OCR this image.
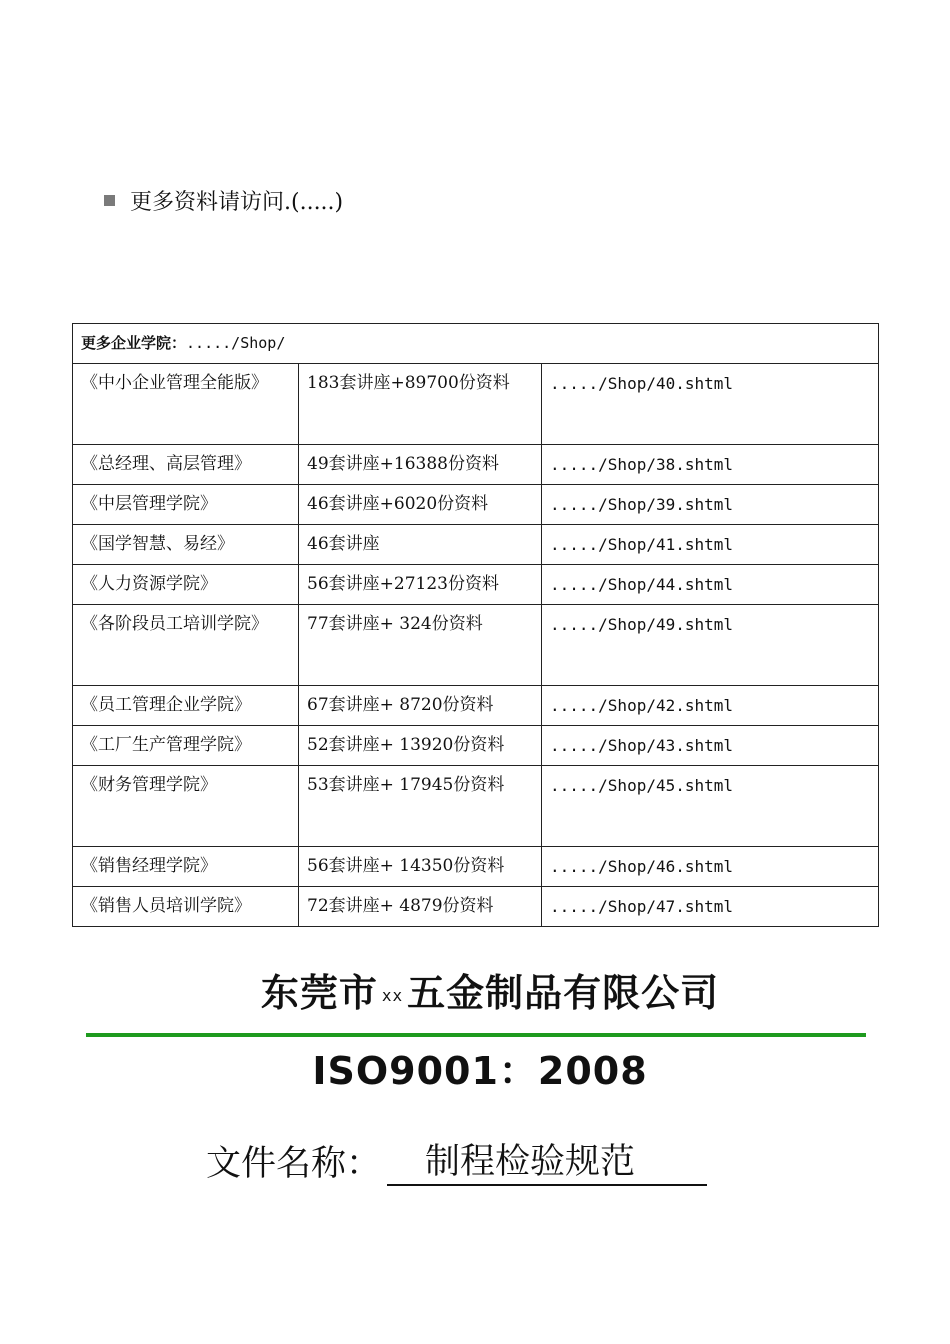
更多资料请访问.(.....)
更多企业学院：...../Shop/		
《中小企业管理全能版》	183套讲座+89700份资料	...../Shop/40.shtml
《总经理、高层管理》	49套讲座+16388份资料	...../Shop/38.shtml
《中层管理学院》	46套讲座+6020份资料	...../Shop/39.shtml
《国学智慧、易经》	46套讲座	...../Shop/41.shtml
《人力资源学院》	56套讲座+27123份资料	...../Shop/44.shtml
《各阶段员工培训学院》	77套讲座+ 324份资料	...../Shop/49.shtml
《员工管理企业学院》	67套讲座+ 8720份资料	...../Shop/42.shtml
《工厂生产管理学院》	52套讲座+ 13920份资料	...../Shop/43.shtml
《财务管理学院》	53套讲座+ 17945份资料	...../Shop/45.shtml
《销售经理学院》	56套讲座+ 14350份资料	...../Shop/46.shtml
《销售人员培训学院》	72套讲座+ 4879份资料	...../Shop/47.shtml
东莞市 xx 五金制品有限公司
ISO9001：2008
文件名称：	制程检验规范
